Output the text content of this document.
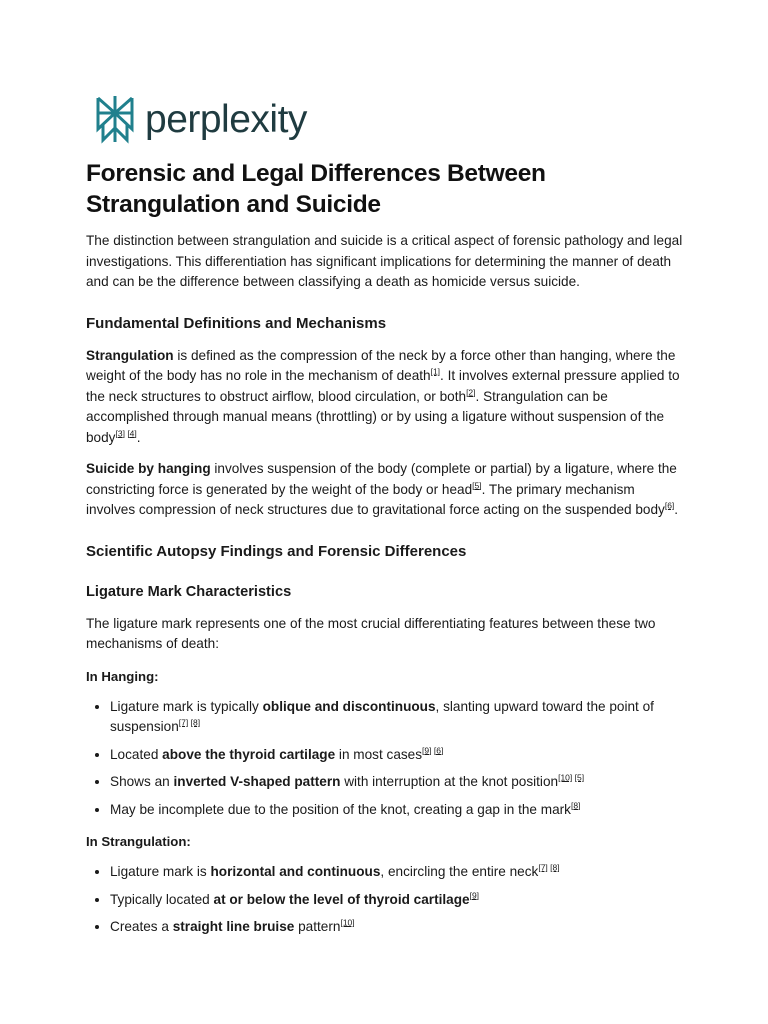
perplexity
Forensic and Legal Differences Between Strangulation and Suicide

The distinction between strangulation and suicide is a critical aspect of forensic pathology and legal investigations. This differentiation has significant implications for determining the manner of death and can be the difference between classifying a death as homicide versus suicide.

Fundamental Definitions and Mechanisms

Strangulation is defined as the compression of the neck by a force other than hanging, where the weight of the body has no role in the mechanism of death[1]. It involves external pressure applied to the neck structures to obstruct airflow, blood circulation, or both[2]. Strangulation can be accomplished through manual means (throttling) or by using a ligature without suspension of the body[3] [4].

Suicide by hanging involves suspension of the body (complete or partial) by a ligature, where the constricting force is generated by the weight of the body or head[5]. The primary mechanism involves compression of neck structures due to gravitational force acting on the suspended body[6].

Scientific Autopsy Findings and Forensic Differences
Ligature Mark Characteristics

The ligature mark represents one of the most crucial differentiating features between these two mechanisms of death:

In Hanging:
• Ligature mark is typically oblique and discontinuous, slanting upward toward the point of suspension[7] [8]
• Located above the thyroid cartilage in most cases[9] [6]
• Shows an inverted V-shaped pattern with interruption at the knot position[10] [5]
• May be incomplete due to the position of the knot, creating a gap in the mark[8]
In Strangulation:
• Ligature mark is horizontal and continuous, encircling the entire neck[7] [8]
• Typically located at or below the level of thyroid cartilage[9]
• Creates a straight line bruise pattern[10]
